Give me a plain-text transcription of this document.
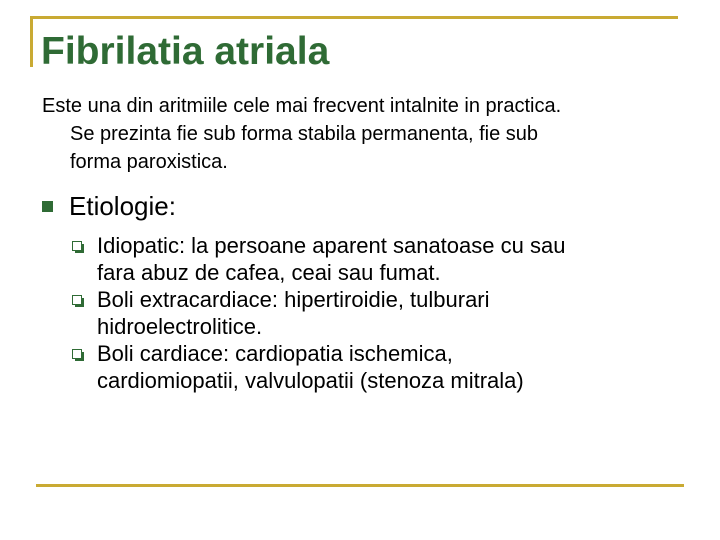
Fibrilatia atriala
Este una din aritmiile cele mai frecvent intalnite in practica.
Se prezinta fie sub forma stabila permanenta, fie sub
forma paroxistica.
Etiologie:
Idiopatic: la persoane aparent sanatoase cu sau
fara abuz de cafea, ceai sau fumat.
Boli extracardiace: hipertiroidie, tulburari
hidroelectrolitice.
Boli cardiace: cardiopatia ischemica,
cardiomiopatii, valvulopatii (stenoza mitrala)
